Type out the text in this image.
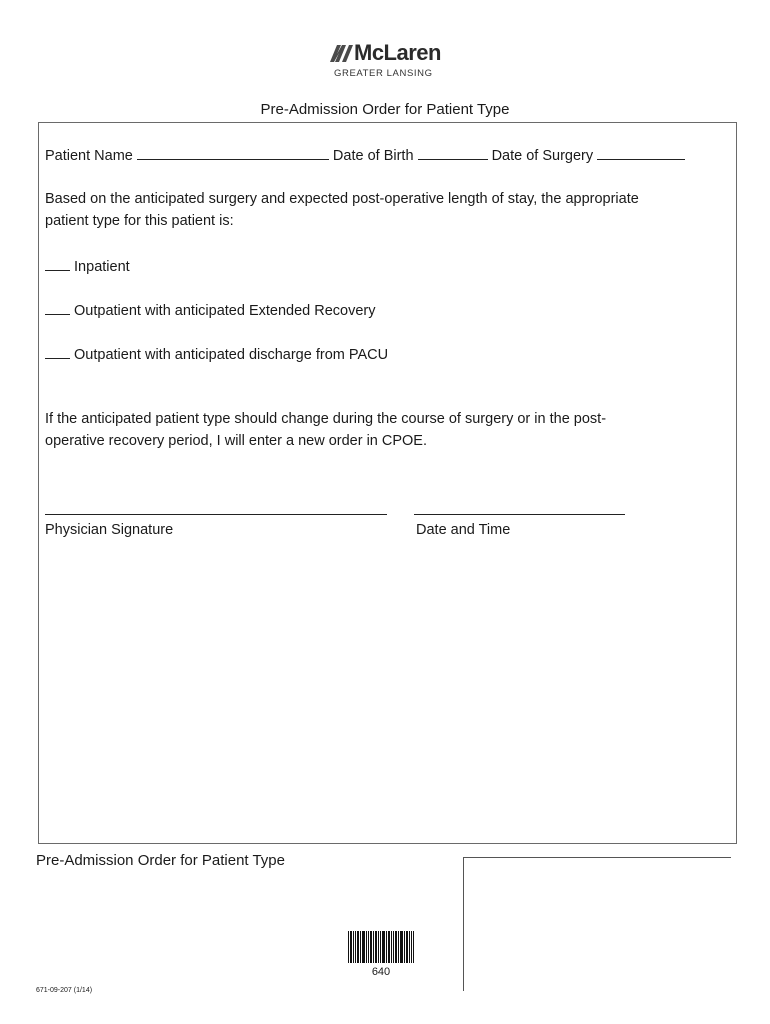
McLaren
GREATER LANSING
Pre-Admission Order for Patient Type
Patient Name	Date of Birth	Date of Surgery
Based on the anticipated surgery and expected post-operative length of stay, the appropriate
patient type for this patient is:
Inpatient
Outpatient with anticipated Extended Recovery
Outpatient with anticipated discharge from PACU
If the anticipated patient type should change during the course of surgery or in the post-
operative recovery period, I will enter a new order in CPOE.
Physician Signature	Date and Time
Pre-Admission Order for Patient Type
640
671-09-207 (1/14)
